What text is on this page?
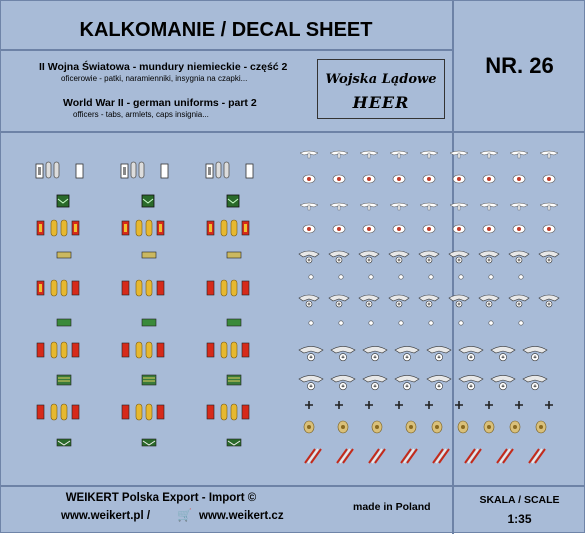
KALKOMANIE / DECAL SHEET
NR. 26
II Wojna Światowa - mundury niemieckie - część 2
oficerowie - patki, naramienniki, insygnia na czapki...
World War II - german uniforms - part 2
officers - tabs, armlets, caps insignia...
Wojska Lądowe
HEER
WEIKERT Polska Export - Import ©
www.weikert.pl / 🛒 www.weikert.cz
made in Poland
SKALA / SCALE
1:35
